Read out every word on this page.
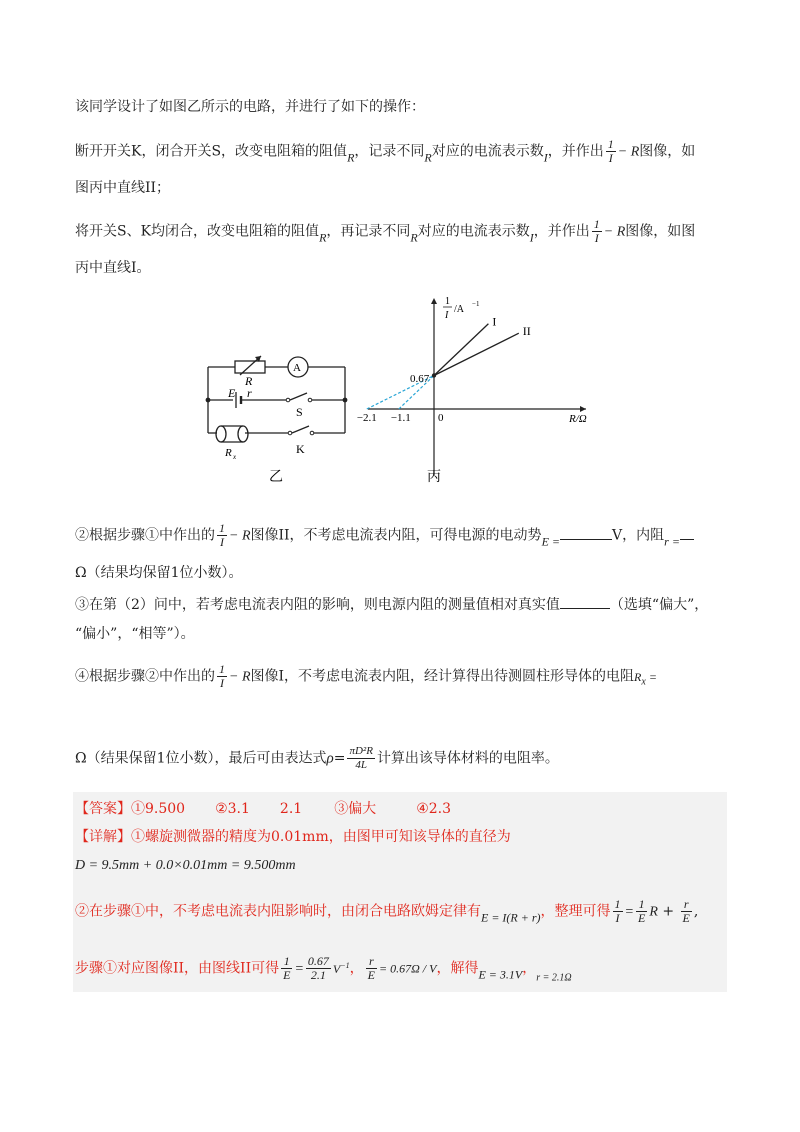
该同学设计了如图乙所示的电路，并进行了如下的操作：
断开开关K，闭合开关S，改变电阻箱的阻值R，记录不同R对应的电流表示数I，并作出 $\frac{1}{I} - R$图像，如
图丙中直线II；
将开关S、K均闭合，改变电阻箱的阻值R，再记录不同R对应的电流表示数I，并作出 $\frac{1}{I} - R$图像，如图
丙中直线I。
A
R
E r
S
R x
K
乙
I
II
0.67
−2.1 −1.1 0	R/Ω
1
I
/A −1
丙
②根据步骤①中作出的 $\frac{1}{I} - R$图像II，不考虑电流表内阻，可得电源的电动势E =	V，内阻r =
Ω（结果均保留1位小数）。
③在第（2）问中，若考虑电流表内阻的影响，则电源内阻的测量值相对真实值	（选填“偏大”，
“偏小”，“相等”）。
④根据步骤②中作出的 $\frac{1}{I} - R$图像I，不考虑电流表内阻，经计算得出待测圆柱形导体的电阻$R_x$ =
Ω（结果保留1位小数），最后可由表达式$\rho= \frac{\text{πD²R}}{4L}$ 计算出该导体材料的电阻率。
【答案】①9.500 ②3.1 2.1 ③偏大	④2.3
【详解】①螺旋测微器的精度为0.01mm，由图甲可知该导体的直径为
D = 9.5mm + 0.0×0.01mm = 9.500mm
②在步骤①中，不考虑电流表内阻影响时，由闭合电路欧姆定律有E = I(R + r)，整理可得 $\frac{1}{I} = \frac{1}{E}$ $R + \frac{r}{E}$ ,
步骤①对应图像II，由图线II可得 $\frac{1}{E} = \frac{0.67}{2.1} V^{-1}$， $\frac{r}{E} = 0.67\Omega / V$，解得E = 3.1V，$_{r = 2.1\Omega}$
